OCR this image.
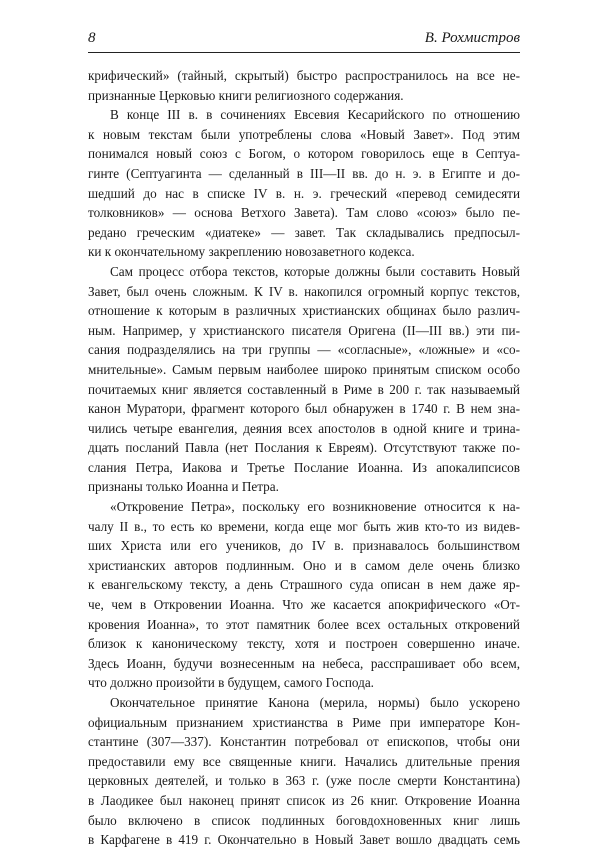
8	В. Рохмистров

крифический» (тайный, скрытый) быстро распространилось на все не-
признанные Церковью книги религиозного содержания.

В конце III в. в сочинениях Евсевия Кесарийского по отношению
к новым текстам были употреблены слова «Новый Завет». Под этим
понимался новый союз с Богом, о котором говорилось еще в Септуа-
гинте (Септуагинта — сделанный в III—II вв. до н. э. в Египте и до-
шедший до нас в списке IV в. н. э. греческий «перевод семидесяти
толковников» — основа Ветхого Завета). Там слово «союз» было пе-
редано греческим «диатеке» — завет. Так складывались предпосыл-
ки к окончательному закреплению новозаветного кодекса.

Сам процесс отбора текстов, которые должны были составить Новый
Завет, был очень сложным. К IV в. накопился огромный корпус текстов,
отношение к которым в различных христианских общинах было различ-
ным. Например, у христианского писателя Оригена (II—III вв.) эти пи-
сания подразделялись на три группы — «согласные», «ложные» и «со-
мнительные». Самым первым наиболее широко принятым списком особо
почитаемых книг является составленный в Риме в 200 г. так называемый
канон Муратори, фрагмент которого был обнаружен в 1740 г. В нем зна-
чились четыре евангелия, деяния всех апостолов в одной книге и трина-
дцать посланий Павла (нет Послания к Евреям). Отсутствуют также по-
слания Петра, Иакова и Третье Послание Иоанна. Из апокалипсисов
признаны только Иоанна и Петра.

«Откровение Петра», поскольку его возникновение относится к на-
чалу II в., то есть ко времени, когда еще мог быть жив кто-то из видев-
ших Христа или его учеников, до IV в. признавалось большинством
христианских авторов подлинным. Оно и в самом деле очень близко
к евангельскому тексту, а день Страшного суда описан в нем даже яр-
че, чем в Откровении Иоанна. Что же касается апокрифического «От-
кровения Иоанна», то этот памятник более всех остальных откровений
близок к каноническому тексту, хотя и построен совершенно иначе.
Здесь Иоанн, будучи вознесенным на небеса, расспрашивает обо всем,
что должно произойти в будущем, самого Господа.

Окончательное принятие Канона (мерила, нормы) было ускорено
официальным признанием христианства в Риме при императоре Кон-
стантине (307—337). Константин потребовал от епископов, чтобы они
предоставили ему все священные книги. Начались длительные прения
церковных деятелей, и только в 363 г. (уже после смерти Константина)
в Лаодикее был наконец принят список из 26 книг. Откровение Иоанна
было включено в список подлинных боговдохновенных книг лишь
в Карфагене в 419 г. Окончательно в Новый Завет вошло двадцать семь
